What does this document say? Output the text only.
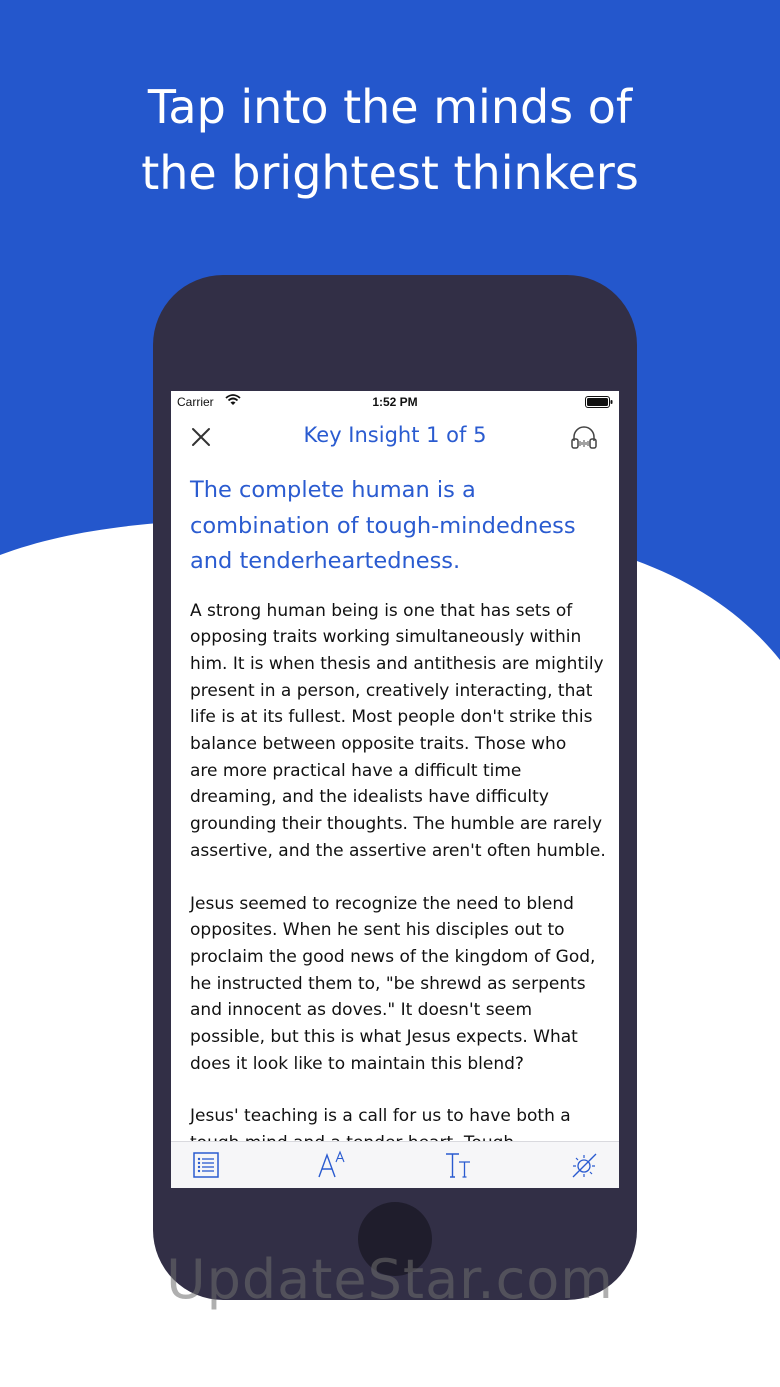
Tap into the minds of
the brightest thinkers
Carrier	1:52 PM
Key Insight 1 of 5
The complete human is a
combination of tough-mindedness
and tenderheartedness.
A strong human being is one that has sets of
opposing traits working simultaneously within
him. It is when thesis and antithesis are mightily
present in a person, creatively interacting, that
life is at its fullest. Most people don't strike this
balance between opposite traits. Those who
are more practical have a difficult time
dreaming, and the idealists have difficulty
grounding their thoughts. The humble are rarely
assertive, and the assertive aren't often humble.
Jesus seemed to recognize the need to blend
opposites. When he sent his disciples out to
proclaim the good news of the kingdom of God,
he instructed them to, "be shrewd as serpents
and innocent as doves." It doesn't seem
possible, but this is what Jesus expects. What
does it look like to maintain this blend?
Jesus' teaching is a call for us to have both a
UpdateStar.com
